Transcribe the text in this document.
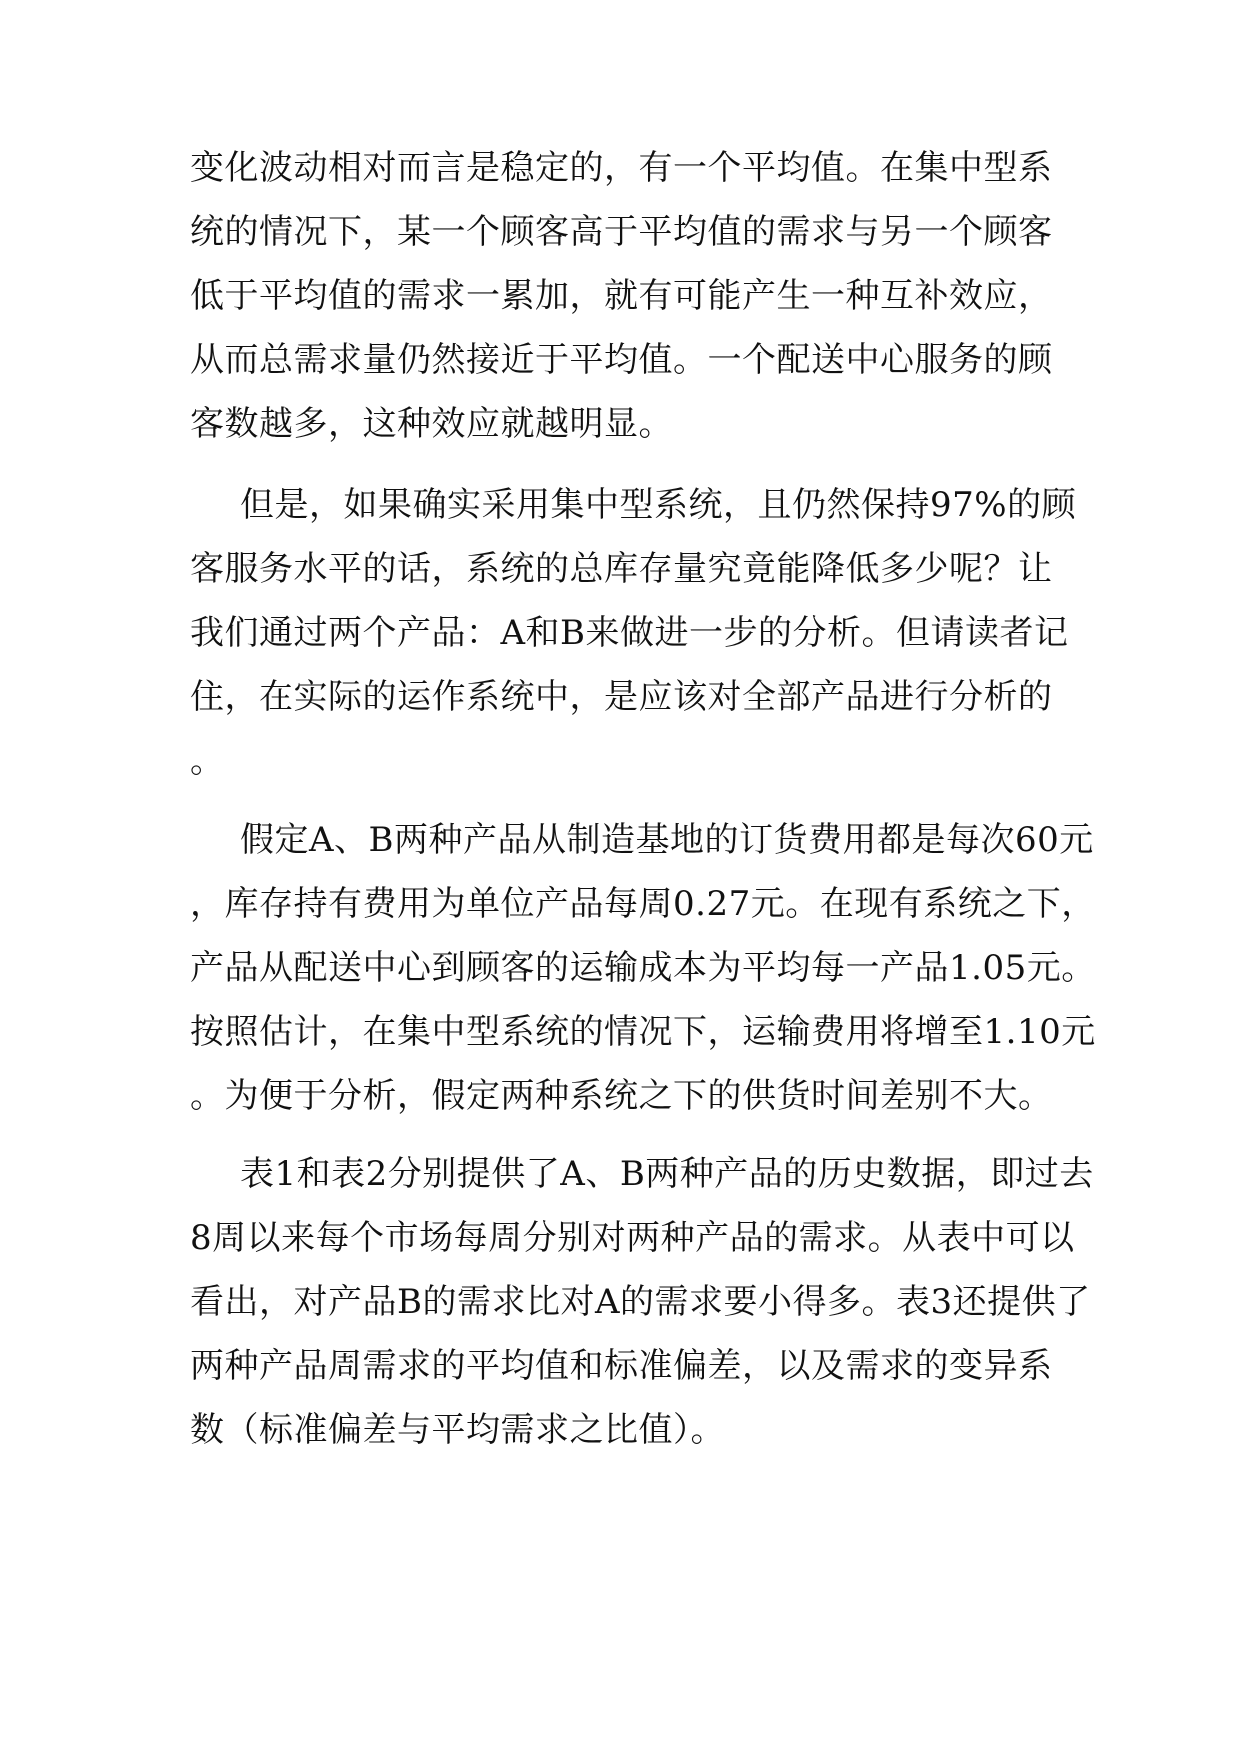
变化波动相对而言是稳定的，有一个平均值。在集中型系
统的情况下，某一个顾客高于平均值的需求与另一个顾客
低于平均值的需求一累加，就有可能产生一种互补效应，
从而总需求量仍然接近于平均值。一个配送中心服务的顾
客数越多，这种效应就越明显。
但是，如果确实采用集中型系统，且仍然保持97%的顾
客服务水平的话，系统的总库存量究竟能降低多少呢？让
我们通过两个产品：A和B来做进一步的分析。但请读者记
住，在实际的运作系统中，是应该对全部产品进行分析的
。
假定A、B两种产品从制造基地的订货费用都是每次60元
，库存持有费用为单位产品每周0.27元。在现有系统之下，
产品从配送中心到顾客的运输成本为平均每一产品1.05元。
按照估计，在集中型系统的情况下，运输费用将增至1.10元
。为便于分析，假定两种系统之下的供货时间差别不大。
表1和表2分别提供了A、B两种产品的历史数据，即过去
8周以来每个市场每周分别对两种产品的需求。从表中可以
看出，对产品B的需求比对A的需求要小得多。表3还提供了
两种产品周需求的平均值和标准偏差，以及需求的变异系
数（标准偏差与平均需求之比值）。
